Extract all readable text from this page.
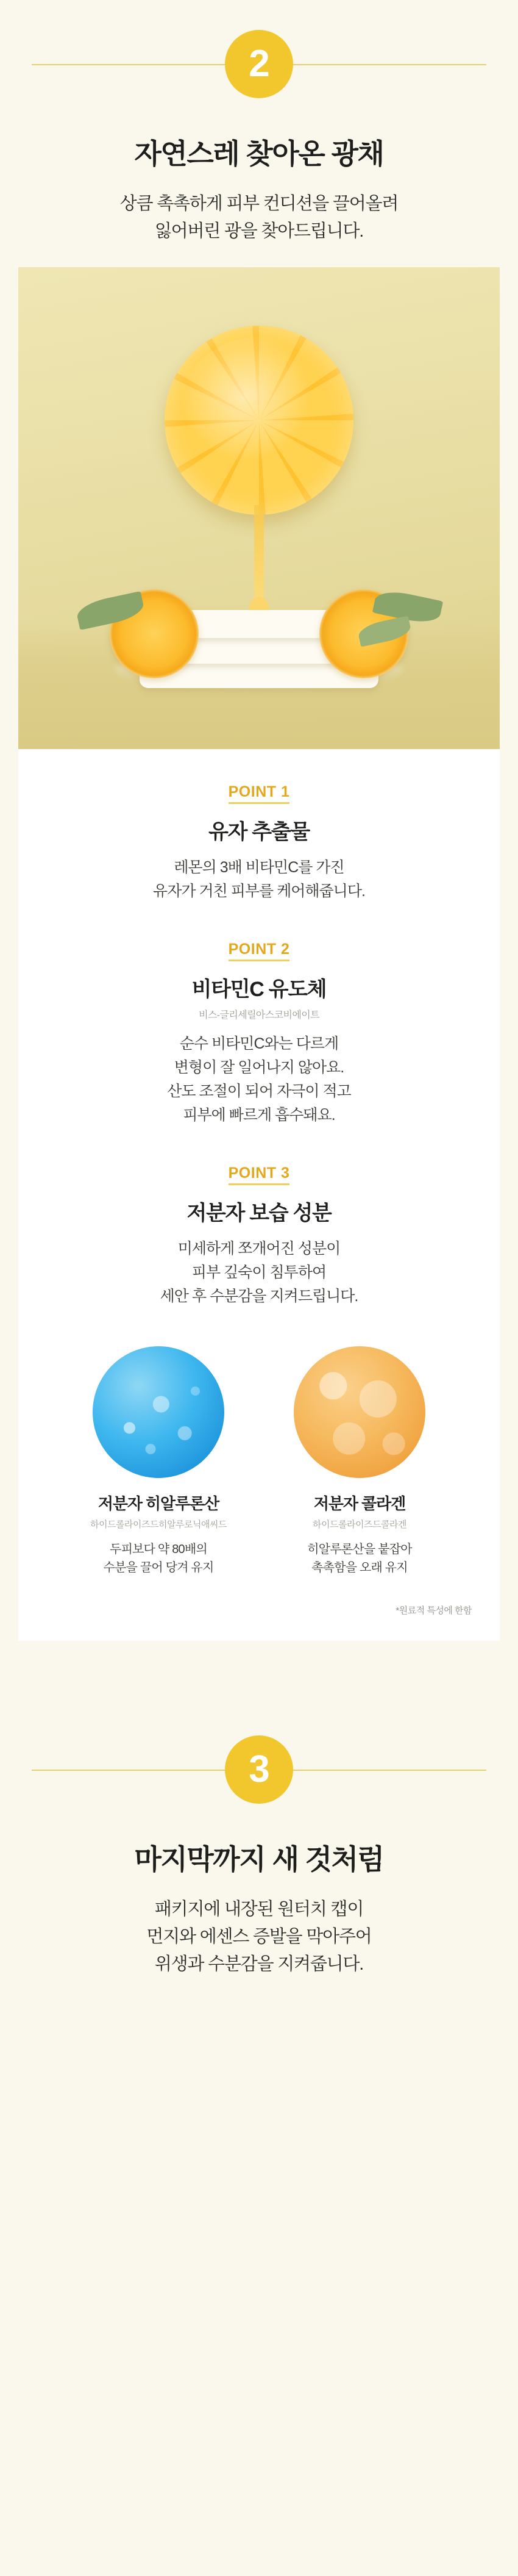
2
자연스레 찾아온 광채
상큼 촉촉하게 피부 컨디션을 끌어올려
잃어버린 광을 찾아드립니다.
POINT 1
유자 추출물
레몬의 3배 비타민C를 가진
유자가 거친 피부를 케어해줍니다.
POINT 2
비타민C 유도체
비스-글리세릴아스코비에이트
순수 비타민C와는 다르게
변형이 잘 일어나지 않아요.
산도 조절이 되어 자극이 적고
피부에 빠르게 흡수돼요.
POINT 3
저분자 보습 성분
미세하게 쪼개어진 성분이
피부 깊숙이 침투하여
세안 후 수분감을 지켜드립니다.
저분자 히알루론산
하이드롤라이즈드히알루로닉애씨드
두피보다 약 80배의
수분을 끌어 당겨 유지
저분자 콜라겐
하이드롤라이즈드콜라겐
히알루론산을 붙잡아
촉촉함을 오래 유지
*원료적 특성에 한함
3
마지막까지 새 것처럼
패키지에 내장된 원터치 캡이
먼지와 에센스 증발을 막아주어
위생과 수분감을 지켜줍니다.
